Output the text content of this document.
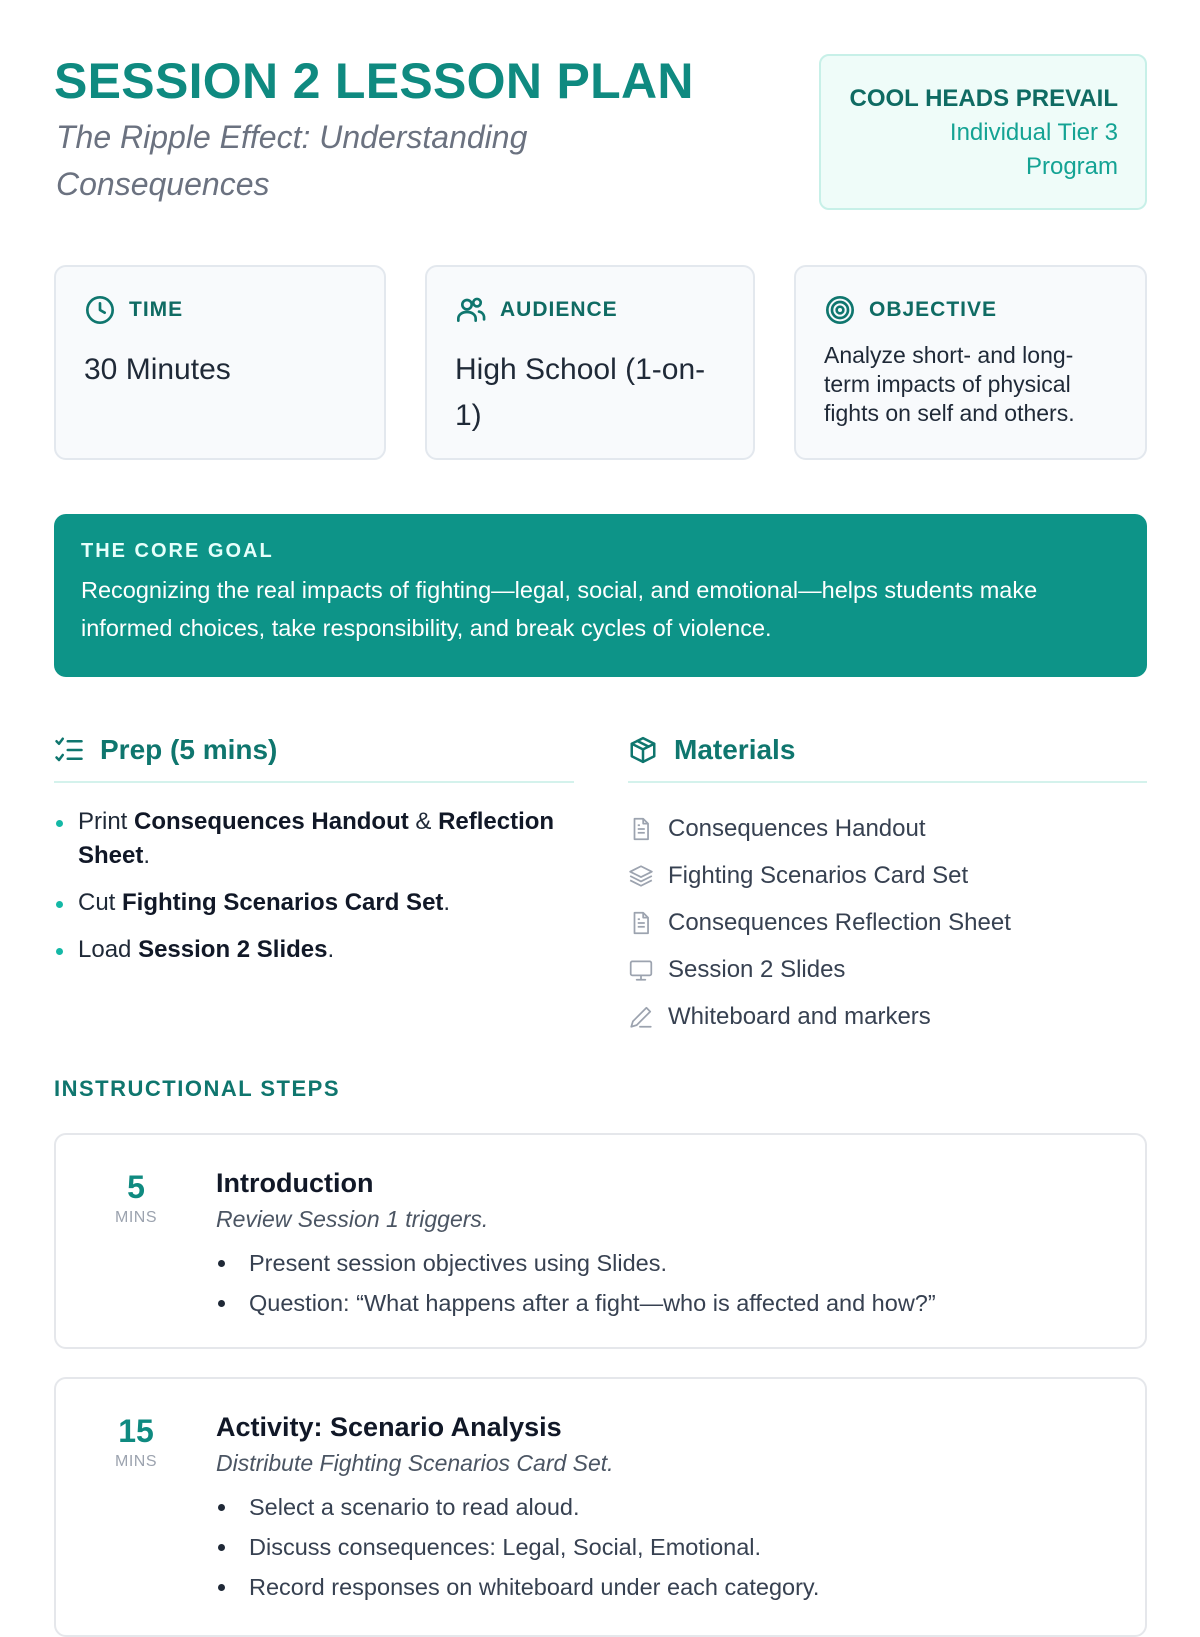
SESSION 2 LESSON PLAN

The Ripple Effect: Understanding Consequences

COOL HEADS PREVAIL
Individual Tier 3
Program
TIME
30 Minutes
AUDIENCE
High School (1-on-1)
OBJECTIVE
Analyze short- and long-term impacts of physical fights on self and others.
THE CORE GOAL
Recognizing the real impacts of fighting—legal, social, and emotional—helps students make informed choices, take responsibility, and break cycles of violence.
Prep (5 mins)
Print Consequences Handout & Reflection Sheet.
Cut Fighting Scenarios Card Set.
Load Session 2 Slides.
Materials
Consequences Handout
Fighting Scenarios Card Set
Consequences Reflection Sheet
Session 2 Slides
Whiteboard and markers
INSTRUCTIONAL STEPS
5
MINS
Introduction
Review Session 1 triggers.
Present session objectives using Slides.
Question: “What happens after a fight—who is affected and how?”
15
MINS
Activity: Scenario Analysis
Distribute Fighting Scenarios Card Set.
Select a scenario to read aloud.
Discuss consequences: Legal, Social, Emotional.
Record responses on whiteboard under each category.
